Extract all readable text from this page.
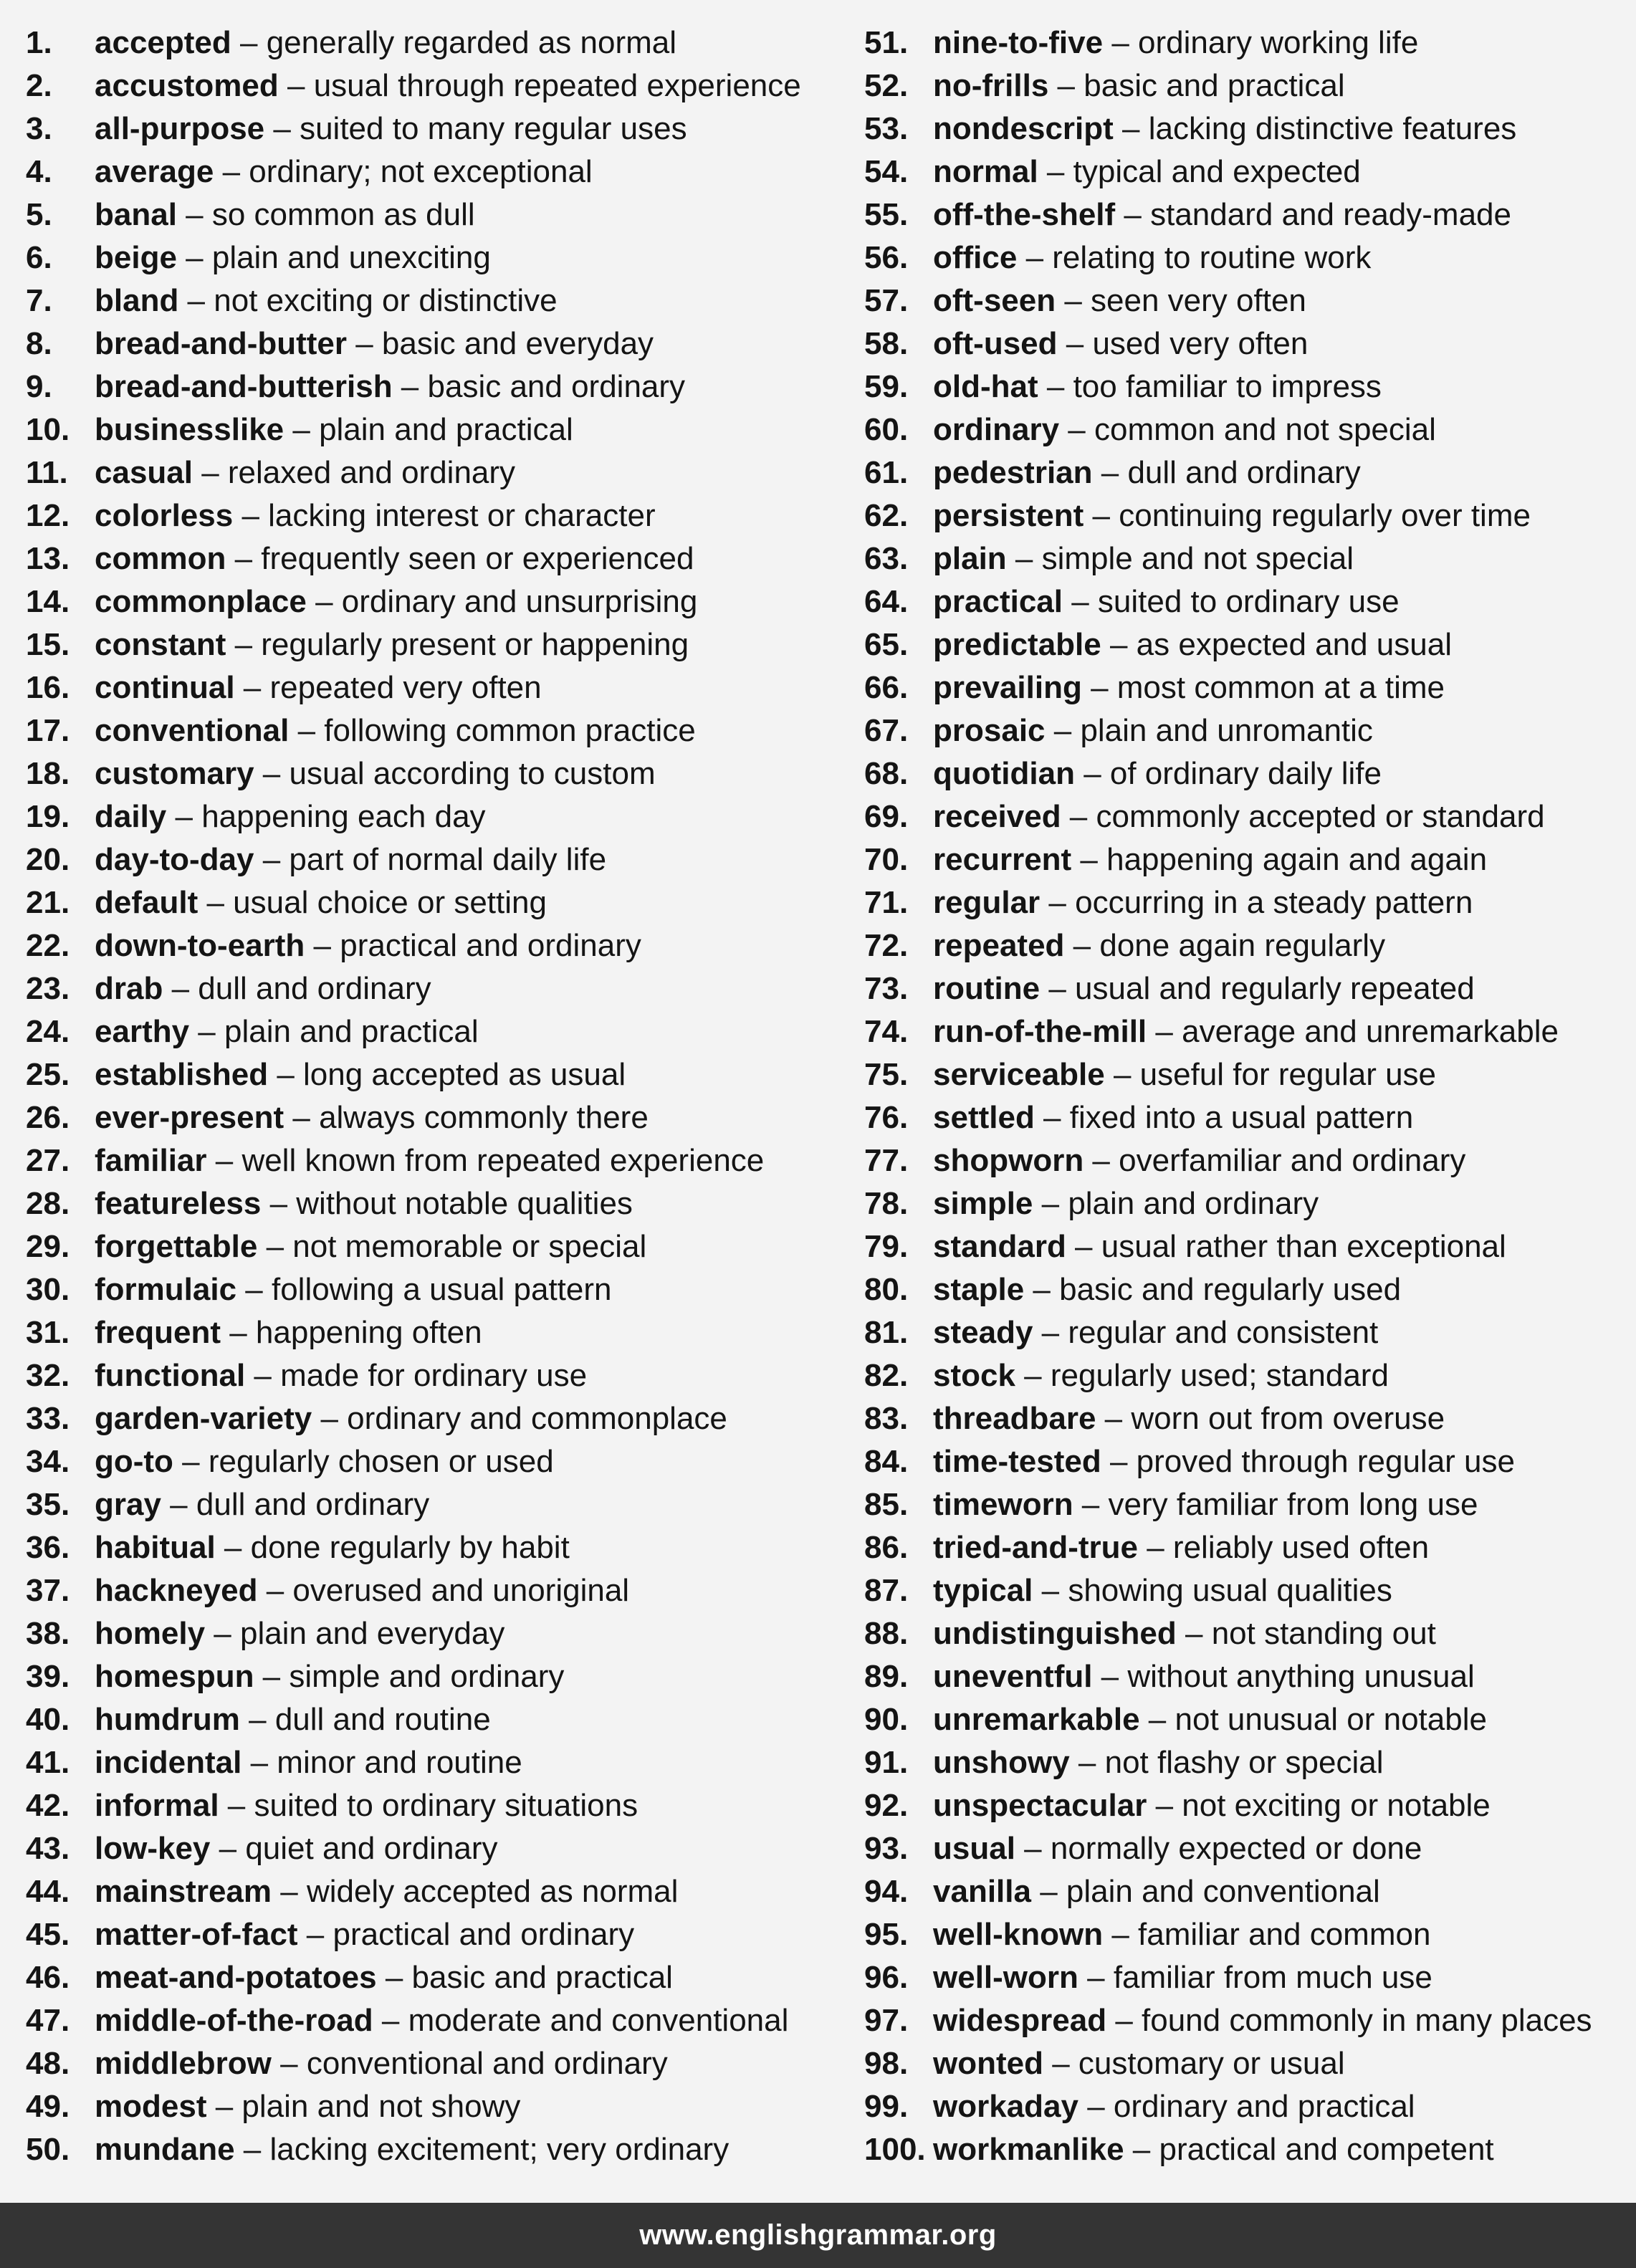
1. accepted – generally regarded as normal
2. accustomed – usual through repeated experience
3. all-purpose – suited to many regular uses
4. average – ordinary; not exceptional
5. banal – so common as dull
6. beige – plain and unexciting
7. bland – not exciting or distinctive
8. bread-and-butter – basic and everyday
9. bread-and-butterish – basic and ordinary
10. businesslike – plain and practical
11. casual – relaxed and ordinary
12. colorless – lacking interest or character
13. common – frequently seen or experienced
14. commonplace – ordinary and unsurprising
15. constant – regularly present or happening
16. continual – repeated very often
17. conventional – following common practice
18. customary – usual according to custom
19. daily – happening each day
20. day-to-day – part of normal daily life
21. default – usual choice or setting
22. down-to-earth – practical and ordinary
23. drab – dull and ordinary
24. earthy – plain and practical
25. established – long accepted as usual
26. ever-present – always commonly there
27. familiar – well known from repeated experience
28. featureless – without notable qualities
29. forgettable – not memorable or special
30. formulaic – following a usual pattern
31. frequent – happening often
32. functional – made for ordinary use
33. garden-variety – ordinary and commonplace
34. go-to – regularly chosen or used
35. gray – dull and ordinary
36. habitual – done regularly by habit
37. hackneyed – overused and unoriginal
38. homely – plain and everyday
39. homespun – simple and ordinary
40. humdrum – dull and routine
41. incidental – minor and routine
42. informal – suited to ordinary situations
43. low-key – quiet and ordinary
44. mainstream – widely accepted as normal
45. matter-of-fact – practical and ordinary
46. meat-and-potatoes – basic and practical
47. middle-of-the-road – moderate and conventional
48. middlebrow – conventional and ordinary
49. modest – plain and not showy
50. mundane – lacking excitement; very ordinary
51. nine-to-five – ordinary working life
52. no-frills – basic and practical
53. nondescript – lacking distinctive features
54. normal – typical and expected
55. off-the-shelf – standard and ready-made
56. office – relating to routine work
57. oft-seen – seen very often
58. oft-used – used very often
59. old-hat – too familiar to impress
60. ordinary – common and not special
61. pedestrian – dull and ordinary
62. persistent – continuing regularly over time
63. plain – simple and not special
64. practical – suited to ordinary use
65. predictable – as expected and usual
66. prevailing – most common at a time
67. prosaic – plain and unromantic
68. quotidian – of ordinary daily life
69. received – commonly accepted or standard
70. recurrent – happening again and again
71. regular – occurring in a steady pattern
72. repeated – done again regularly
73. routine – usual and regularly repeated
74. run-of-the-mill – average and unremarkable
75. serviceable – useful for regular use
76. settled – fixed into a usual pattern
77. shopworn – overfamiliar and ordinary
78. simple – plain and ordinary
79. standard – usual rather than exceptional
80. staple – basic and regularly used
81. steady – regular and consistent
82. stock – regularly used; standard
83. threadbare – worn out from overuse
84. time-tested – proved through regular use
85. timeworn – very familiar from long use
86. tried-and-true – reliably used often
87. typical – showing usual qualities
88. undistinguished – not standing out
89. uneventful – without anything unusual
90. unremarkable – not unusual or notable
91. unshowy – not flashy or special
92. unspectacular – not exciting or notable
93. usual – normally expected or done
94. vanilla – plain and conventional
95. well-known – familiar and common
96. well-worn – familiar from much use
97. widespread – found commonly in many places
98. wonted – customary or usual
99. workaday – ordinary and practical
100. workmanlike – practical and competent
www.englishgrammar.org
